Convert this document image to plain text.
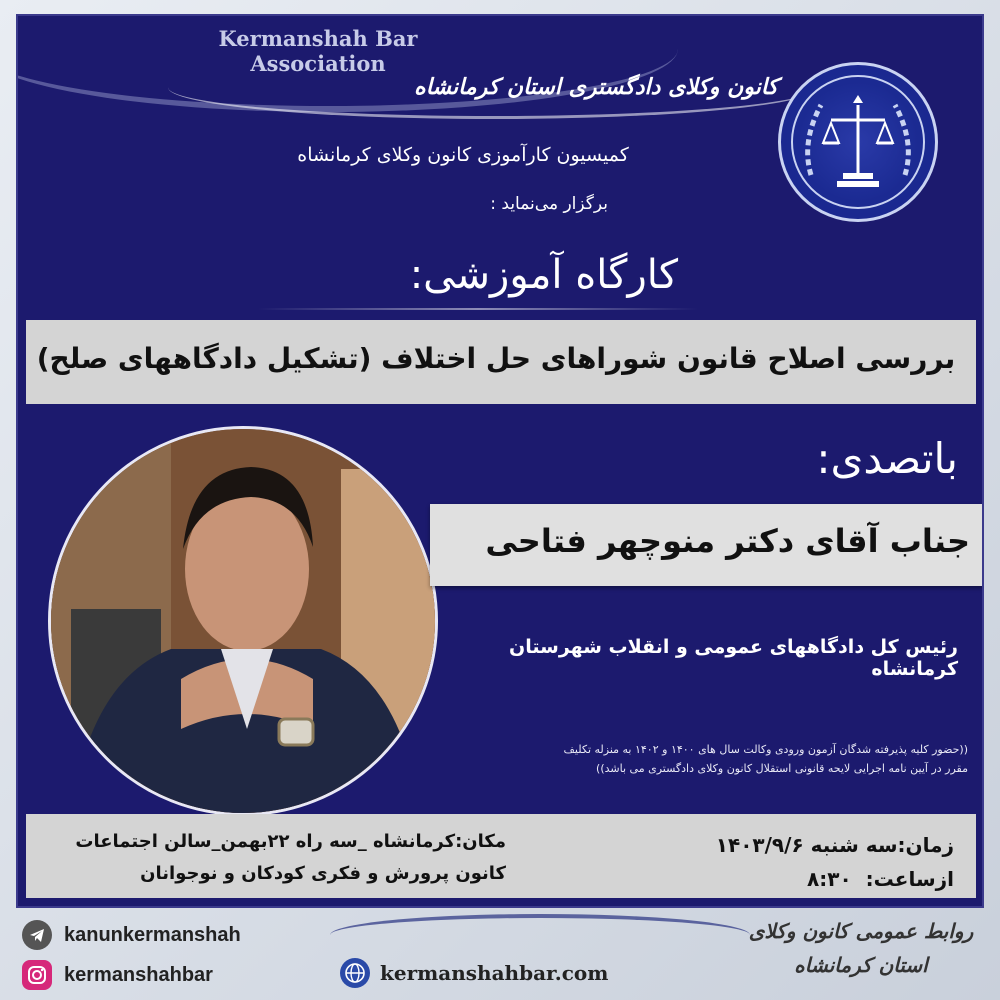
Kermanshah Bar Association
کانون وکلای دادگستری استان کرمانشاه
کمیسیون کارآموزی کانون وکلای کرمانشاه
برگزار می‌نماید :
کارگاه آموزشی:
بررسی اصلاح قانون شوراهای حل اختلاف (تشکیل دادگاههای صلح)
باتصدی:
جناب آقای دکتر منوچهر فتاحی
رئیس کل دادگاههای عمومی و انقلاب شهرستان کرمانشاه
((حضور کلیه پذیرفته شدگان آزمون ورودی وکالت سال های ۱۴۰۰ و ۱۴۰۲ به منزله تکلیف
مقرر در آیین نامه اجرایی لایحه قانونی استقلال کانون وکلای دادگستری می باشد))
زمان:سه شنبه ۱۴۰۳/۹/۶
ازساعت:  ۸:۳۰
مکان:کرمانشاه _سه راه ۲۲بهمن_سالن اجتماعات
کانون پرورش و فکری کودکان و نوجوانان
kanunkermanshah
kermanshahbar	kermanshahbar.com
روابط عمومی کانون وکلای
استان کرمانشاه
